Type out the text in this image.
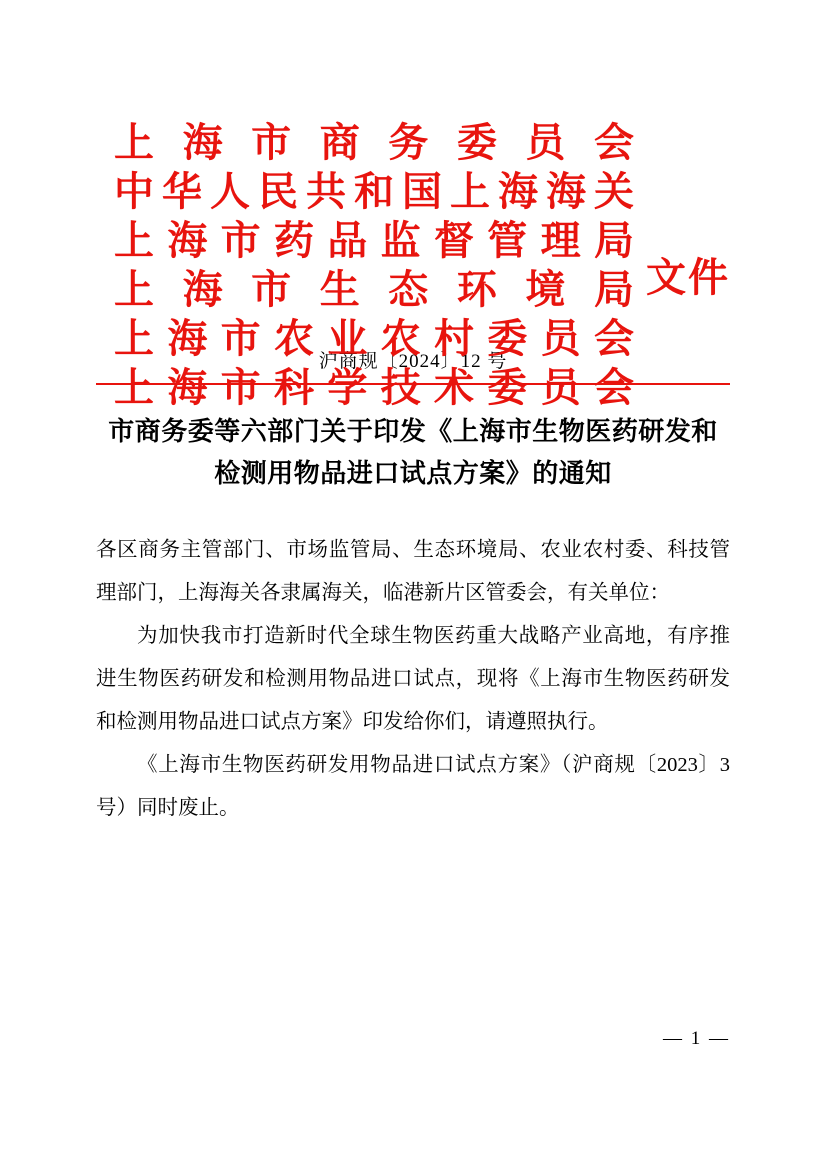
上 海 市 商 务 委 员 会
中 华 人 民 共 和 国 上 海 海 关
上 海 市 药 品 监 督 管 理 局
上 海 市 生 态 环 境 局
上 海 市 农 业 农 村 委 员 会
上 海 市 科 学 技 术 委 员 会
文件
沪商规〔2024〕12 号
市商务委等六部门关于印发《上海市生物医药研发和检测用物品进口试点方案》的通知

各区商务主管部门、市场监管局、生态环境局、农业农村委、科技管理部门，上海海关各隶属海关，临港新片区管委会，有关单位：

为加快我市打造新时代全球生物医药重大战略产业高地，有序推进生物医药研发和检测用物品进口试点，现将《上海市生物医药研发和检测用物品进口试点方案》印发给你们，请遵照执行。

《上海市生物医药研发用物品进口试点方案》（沪商规〔2023〕3 号）同时废止。

— 1 —
